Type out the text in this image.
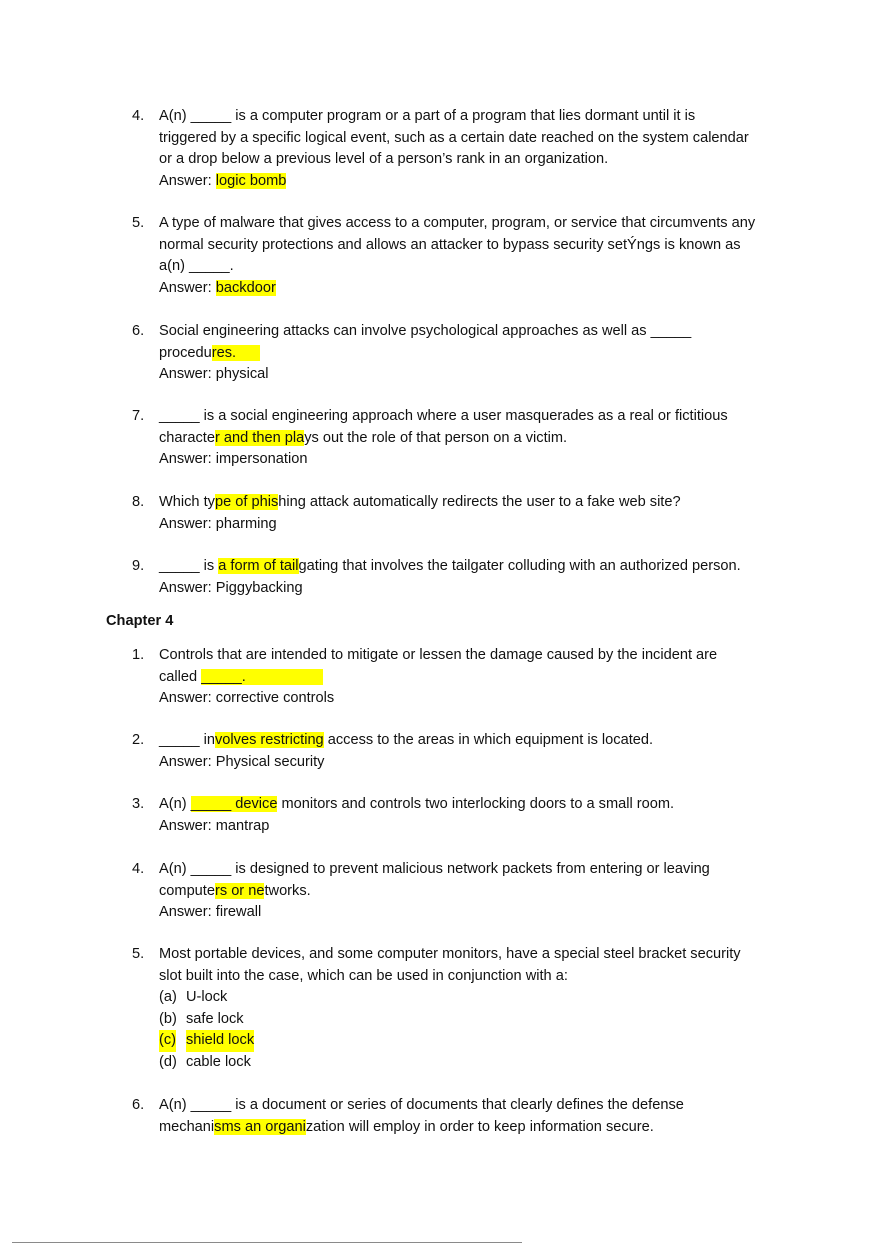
4. A(n) _____ is a computer program or a part of a program that lies dormant until it is
triggered by a specific logical event, such as a certain date reached on the system calendar
or a drop below a previous level of a person’s rank in an organization.
Answer: logic bomb
5. A type of malware that gives access to a computer, program, or service that circumvents any
normal security protections and allows an attacker to bypass security setÝngs is known as
a(n) _____.
Answer: backdoor
6. Social engineering attacks can involve psychological approaches as well as _____
procedures.
Answer: physical
7. _____ is a social engineering approach where a user masquerades as a real or fictitious
character and then plays out the role of that person on a victim.
Answer: impersonation
8. Which type of phishing attack automatically redirects the user to a fake web site?
Answer: pharming
9. _____ is a form of tailgating that involves the tailgater colluding with an authorized person.
Answer: Piggybacking
Chapter 4
1. Controls that are intended to mitigate or lessen the damage caused by the incident are
called _____.
Answer: corrective controls
2. _____ involves restricting access to the areas in which equipment is located.
Answer: Physical security
3. A(n) _____ device monitors and controls two interlocking doors to a small room.
Answer: mantrap
4. A(n) _____ is designed to prevent malicious network packets from entering or leaving
computers or networks.
Answer: firewall
5. Most portable devices, and some computer monitors, have a special steel bracket security
slot built into the case, which can be used in conjunction with a:
(a) U-lock
(b) safe lock
(c) shield lock
(d) cable lock
6. A(n) _____ is a document or series of documents that clearly defines the defense
mechanisms an organization will employ in order to keep information secure.
